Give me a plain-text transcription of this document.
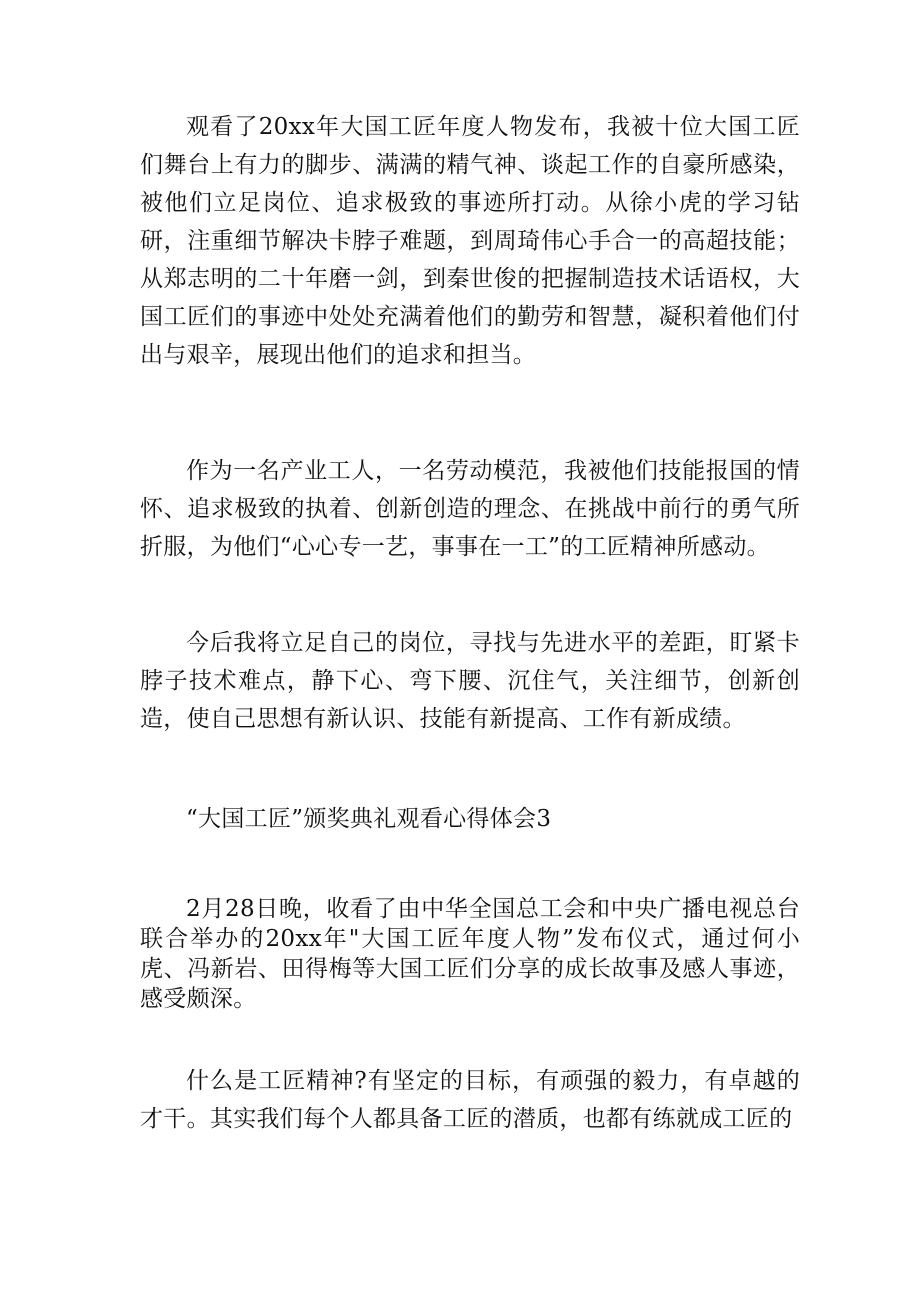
观看了20xx年大国工匠年度人物发布，我被十位大国工匠们舞台上有力的脚步、满满的精气神、谈起工作的自豪所感染，被他们立足岗位、追求极致的事迹所打动。从徐小虎的学习钻研，注重细节解决卡脖子难题，到周琦伟心手合一的高超技能；从郑志明的二十年磨一剑，到秦世俊的把握制造技术话语权，大国工匠们的事迹中处处充满着他们的勤劳和智慧，凝积着他们付出与艰辛，展现出他们的追求和担当。

作为一名产业工人，一名劳动模范，我被他们技能报国的情怀、追求极致的执着、创新创造的理念、在挑战中前行的勇气所折服，为他们“心心专一艺，事事在一工”的工匠精神所感动。

今后我将立足自己的岗位，寻找与先进水平的差距，盯紧卡脖子技术难点，静下心、弯下腰、沉住气，关注细节，创新创造，使自己思想有新认识、技能有新提高、工作有新成绩。

“大国工匠”颁奖典礼观看心得体会3

2月28日晚，收看了由中华全国总工会和中央广播电视总台联合举办的20xx年"大国工匠年度人物”发布仪式，通过何小虎、冯新岩、田得梅等大国工匠们分享的成长故事及感人事迹，感受颇深。

什么是工匠精神?有坚定的目标，有顽强的毅力，有卓越的才干。其实我们每个人都具备工匠的潜质，也都有练就成工匠的
